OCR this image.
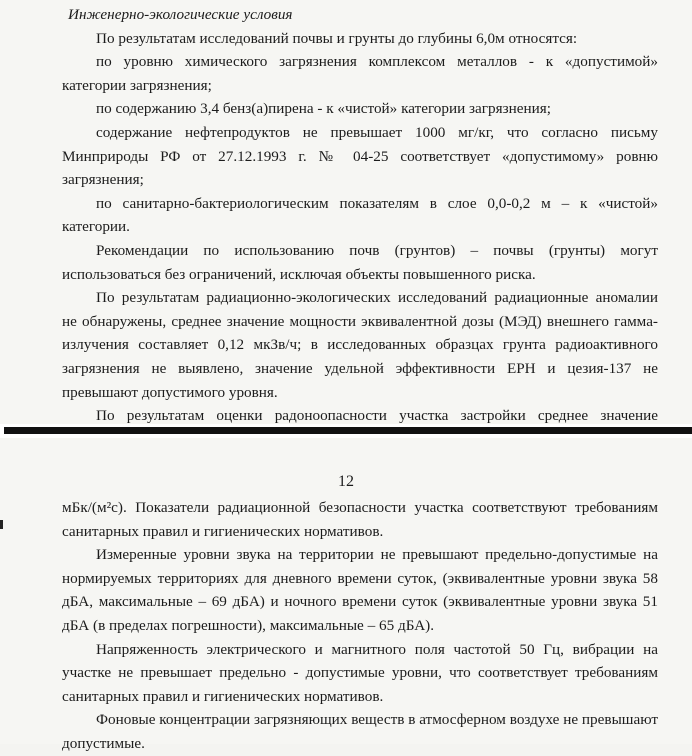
Инженерно-экологические условия

По результатам исследований почвы и грунты до глубины 6,0м относятся:

по уровню химического загрязнения комплексом металлов - к «допустимой» категории загрязнения;

по содержанию 3,4 бенз(а)пирена - к «чистой» категории загрязнения;

содержание нефтепродуктов не превышает 1000 мг/кг, что согласно письму Минприроды РФ от 27.12.1993 г. № 04-25 соответствует «допустимому» ровню загрязнения;

по санитарно-бактериологическим показателям в слое 0,0-0,2 м – к «чистой» категории.

Рекомендации по использованию почв (грунтов) – почвы (грунты) могут использоваться без ограничений, исключая объекты повышенного риска.

По результатам радиационно-экологических исследований радиационные аномалии не обнаружены, среднее значение мощности эквивалентной дозы (МЭД) внешнего гамма-излучения составляет 0,12 мкЗв/ч; в исследованных образцах грунта радиоактивного загрязнения не выявлено, значение удельной эффективности ЕРН и цезия-137 не превышают допустимого уровня.

По результатам оценки радоноопасности участка застройки среднее значение

12

мБк/(м²с). Показатели радиационной безопасности участка соответствуют требованиям санитарных правил и гигиенических нормативов.

Измеренные уровни звука на территории не превышают предельно-допустимые на нормируемых территориях для дневного времени суток, (эквивалентные уровни звука 58 дБА, максимальные – 69 дБА) и ночного времени суток (эквивалентные уровни звука 51 дБА (в пределах погрешности), максимальные – 65 дБА).

Напряженность электрического и магнитного поля частотой 50 Гц, вибрации на участке не превышает предельно - допустимые уровни, что соответствует требованиям санитарных правил и гигиенических нормативов.

Фоновые концентрации загрязняющих веществ в атмосферном воздухе не превышают допустимые.
